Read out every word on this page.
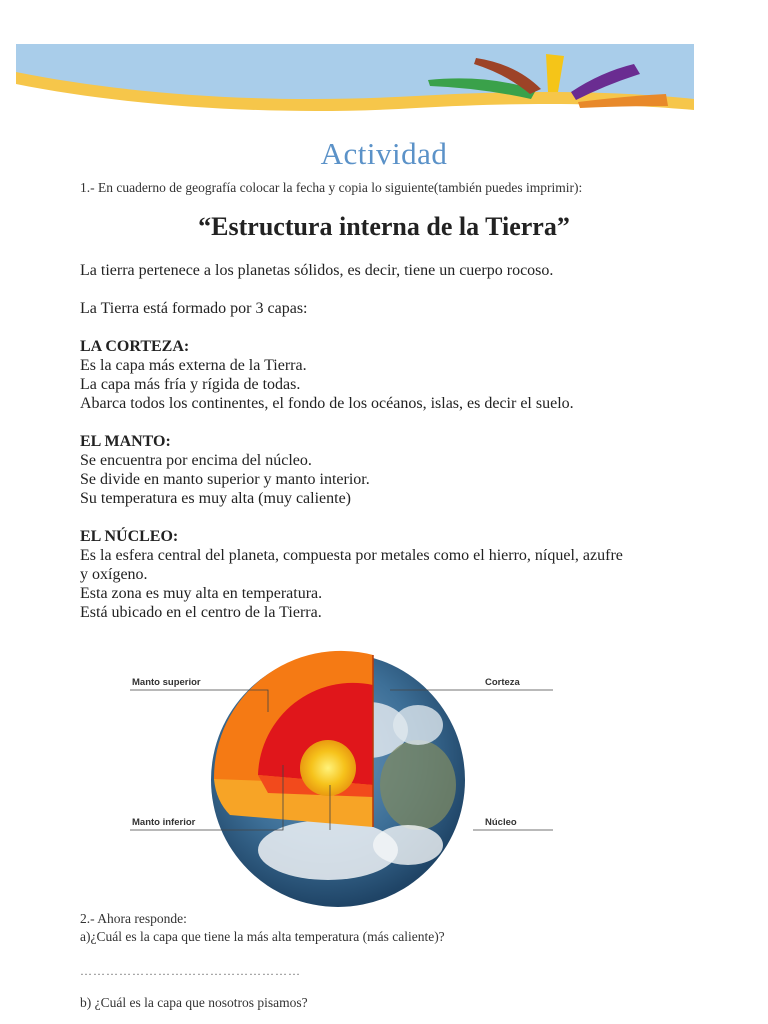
Actividad
1.- En cuaderno de geografía colocar la fecha y copia lo siguiente(también puedes imprimir):
“Estructura interna de la Tierra”
La tierra pertenece a los planetas sólidos, es decir, tiene un cuerpo rocoso.
La Tierra está formado por 3 capas:

LA CORTEZA:

Es la capa más externa de la Tierra.

La capa más fría y rígida de todas.

Abarca todos los continentes, el fondo de los océanos, islas, es decir el suelo.

EL MANTO:

Se encuentra por encima del núcleo.

Se divide en manto superior y manto interior.

Su temperatura es muy alta (muy caliente)

EL NÚCLEO:

Es la esfera central del planeta, compuesta por metales como el hierro, níquel, azufre

y oxígeno.

Esta zona es muy alta en temperatura.

Está ubicado en el centro de la Tierra.

Manto superior	Corteza
Manto inferior	Núcleo
2.- Ahora responde:
a)¿Cuál es la capa que tiene la más alta temperatura (más caliente)?
……………………………………………
b) ¿Cuál es la capa que nosotros pisamos?
